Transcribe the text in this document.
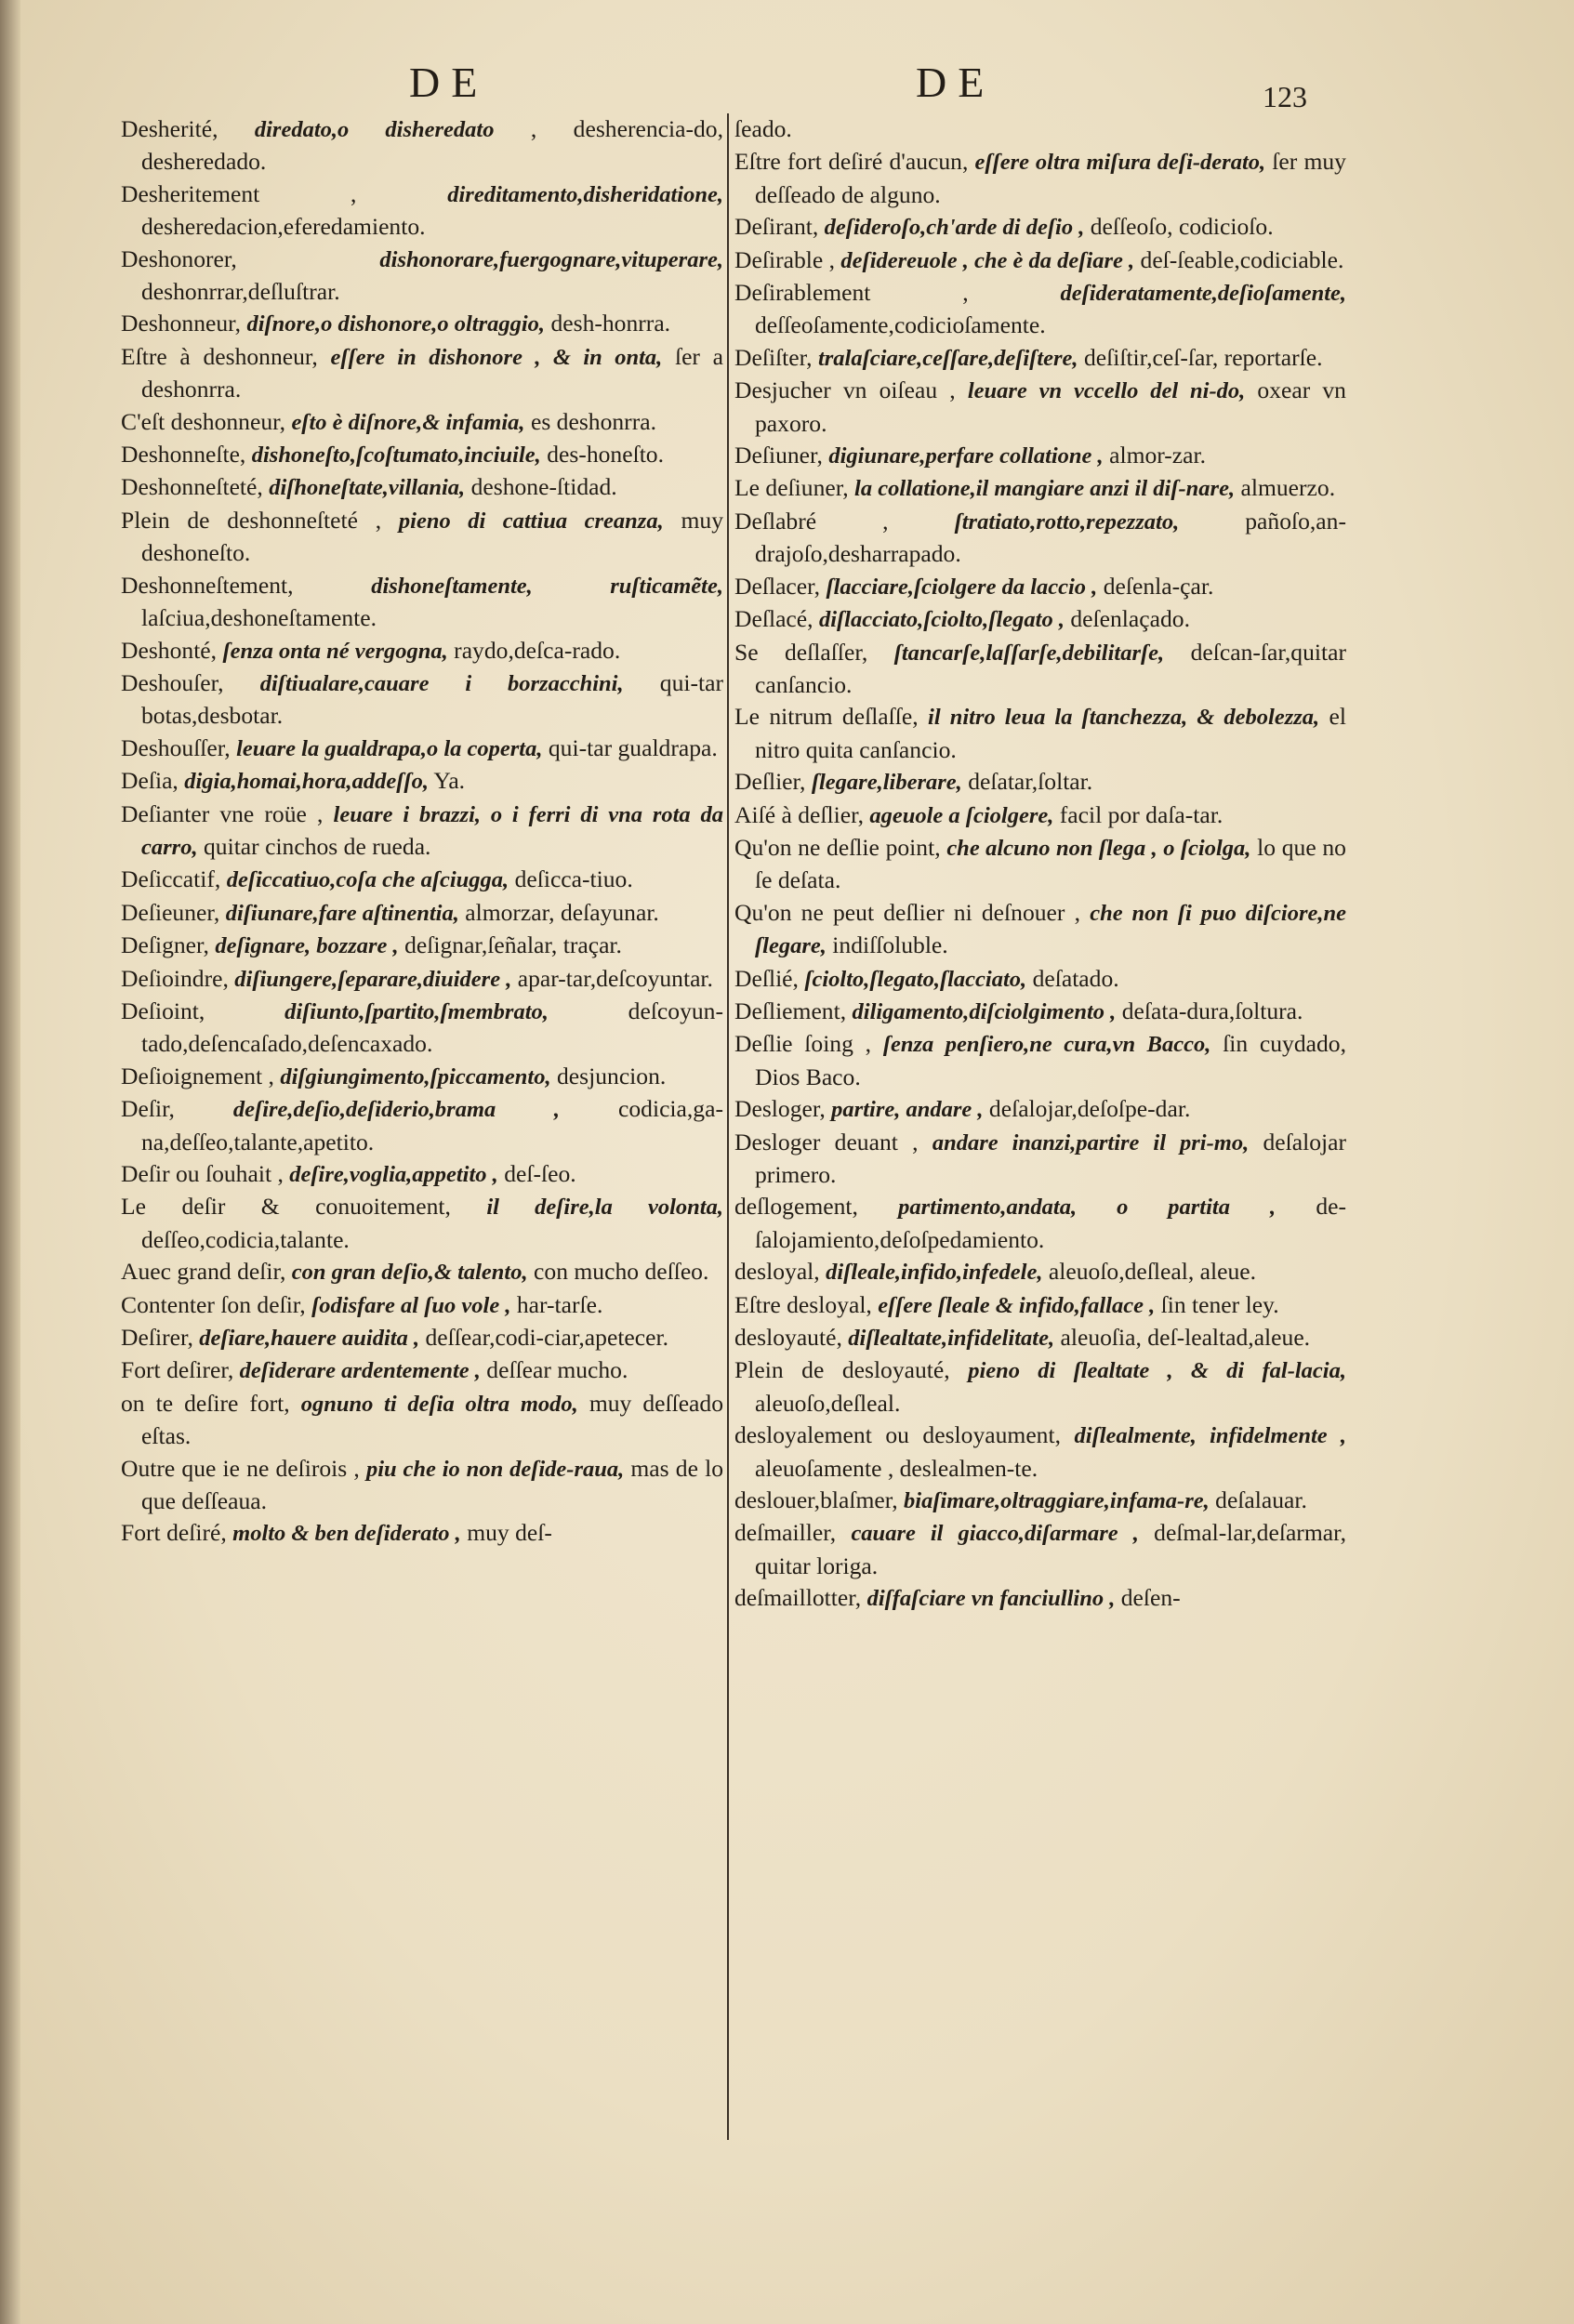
DE	DE	123

Desherité, diredato,o disheredato , desherencia-do, desheredado.

Desheritement ,	direditamento,disheridatione, desheredacion,eferedamiento.

Deshonorer,	dishonorare,fuergognare,vituperare, deshonrrar,deſluſtrar.

Deshonneur, diſnore,o dishonore,o oltraggio, desh-honrra.

Eſtre à deshonneur, eſſere in dishonore , & in onta, ſer a deshonrra.

C'eſt deshonneur, eſto è diſnore,& infamia, es deshonrra.

Deshonneſte, dishoneſto,ſcoſtumato,inciuile, des-honeſto.

Deshonneſteté, diſhoneſtate,villania, deshone-ſtidad.

Plein de deshonneſteté , pieno di cattiua creanza, muy deshoneſto.

Deshonneſtement,	dishoneſtamente, ruſticamẽte, laſciua,deshoneſtamente.

Deshonté, ſenza onta né vergogna, raydo,deſca-rado.

Deshouſer, diſtiualare,cauare i borzacchini, qui-tar botas,desbotar.

Deshouſſer, leuare la gualdrapa,o la coperta, qui-tar gualdrapa.

Deſia, digia,homai,hora,addeſſo, Ya.

Deſianter vne roüe , leuare i brazzi, o i ferri di vna rota da carro, quitar cinchos de rueda.

Deſiccatif, deſiccatiuo,coſa che aſciugga, deſicca-tiuo.

Deſieuner, diſiunare,fare aſtinentia, almorzar, deſayunar.

Deſigner, deſignare, bozzare , deſignar,ſeñalar, traçar.

Deſioindre, diſiungere,ſeparare,diuidere , apar-tar,deſcoyuntar.

Deſioint,	diſiunto,ſpartito,ſmembrato,	deſcoyun-tado,deſencaſado,deſencaxado.

Deſioignement , diſgiungimento,ſpiccamento, desjuncion.

Deſir,	deſire,deſio,deſiderio,brama , codicia,ga-na,deſſeo,talante,apetito.

Deſir ou ſouhait , deſire,voglia,appetito , deſ-ſeo.

Le deſir & conuoitement, il deſire,la volonta, deſſeo,codicia,talante.

Auec grand deſir, con gran deſio,& talento, con mucho deſſeo.

Contenter ſon deſir, ſodisfare al ſuo vole , har-tarſe.

Deſirer, deſiare,hauere auidita , deſſear,codi-ciar,apetecer.

Fort deſirer, deſiderare ardentemente , deſſear mucho.

on te deſire fort, ognuno ti deſia oltra modo, muy deſſeado eſtas.

Outre que ie ne deſirois , piu che io non deſide-raua, mas de lo que deſſeaua.

Fort deſiré, molto & ben deſiderato , muy deſ-

ſeado.

Eſtre fort deſiré d'aucun, eſſere oltra miſura deſi-derato, ſer muy deſſeado de alguno.

Deſirant, deſideroſo,ch'arde di deſio , deſſeoſo, codicioſo.

Deſirable , deſidereuole , che è da deſiare , deſ-ſeable,codiciable.

Deſirablement ,	deſideratamente,deſioſamente, deſſeoſamente,codicioſamente.

Deſiſter, tralaſciare,ceſſare,deſiſtere, deſiſtir,ceſ-ſar, reportarſe.

Desjucher vn oiſeau , leuare vn vccello del ni-do, oxear vn paxoro.

Deſiuner, digiunare,perfare collatione , almor-zar.

Le deſiuner, la collatione,il mangiare anzi il diſ-nare, almuerzo.

Deſlabré ,	ſtratiato,rotto,repezzato,	pañoſo,an-drajoſo,desharrapado.

Deſlacer, ſlacciare,ſciolgere da laccio , deſenla-çar.

Deſlacé, diſlacciato,ſciolto,ſlegato , deſenlaçado.

Se deſlaſſer, ſtancarſe,laſſarſe,debilitarſe, deſcan-ſar,quitar canſancio.

Le nitrum deſlaſſe, il nitro leua la ſtanchezza, & debolezza, el nitro quita canſancio.

Deſlier, ſlegare,liberare, deſatar,ſoltar.

Aiſé à deſlier, ageuole a ſciolgere, facil por daſa-tar.

Qu'on ne deſlie point, che alcuno non ſlega , o ſciolga, lo que no ſe deſata.

Qu'on ne peut deſlier ni deſnouer , che non ſi puo diſciore,ne ſlegare, indiſſoluble.

Deſlié, ſciolto,ſlegato,ſlacciato, deſatado.

Deſliement, diligamento,diſciolgimento , deſata-dura,ſoltura.

Deſlie ſoing , ſenza penſiero,ne cura,vn Bacco, ſin cuydado, Dios Baco.

Desloger, partire, andare , deſalojar,deſoſpe-dar.

Desloger deuant , andare inanzi,partire il pri-mo, deſalojar primero.

deſlogement, partimento,andata, o partita , de-ſalojamiento,deſoſpedamiento.

desloyal, diſleale,infido,infedele, aleuoſo,deſleal, aleue.

Eſtre desloyal, eſſere ſleale & infido,fallace , ſin tener ley.

desloyauté, diſlealtate,infidelitate, aleuoſia, deſ-lealtad,aleue.

Plein de desloyauté, pieno di ſlealtate , & di fal-lacia, aleuoſo,deſleal.

desloyalement ou desloyaument, diſlealmente, infidelmente , aleuoſamente , deslealmen-te.

deslouer,blaſmer, biaſimare,oltraggiare,infama-re, deſalauar.

deſmailler, cauare il giacco,diſarmare , deſmal-lar,deſarmar, quitar loriga.

deſmaillotter, diſfaſciare vn fanciullino , deſen-
